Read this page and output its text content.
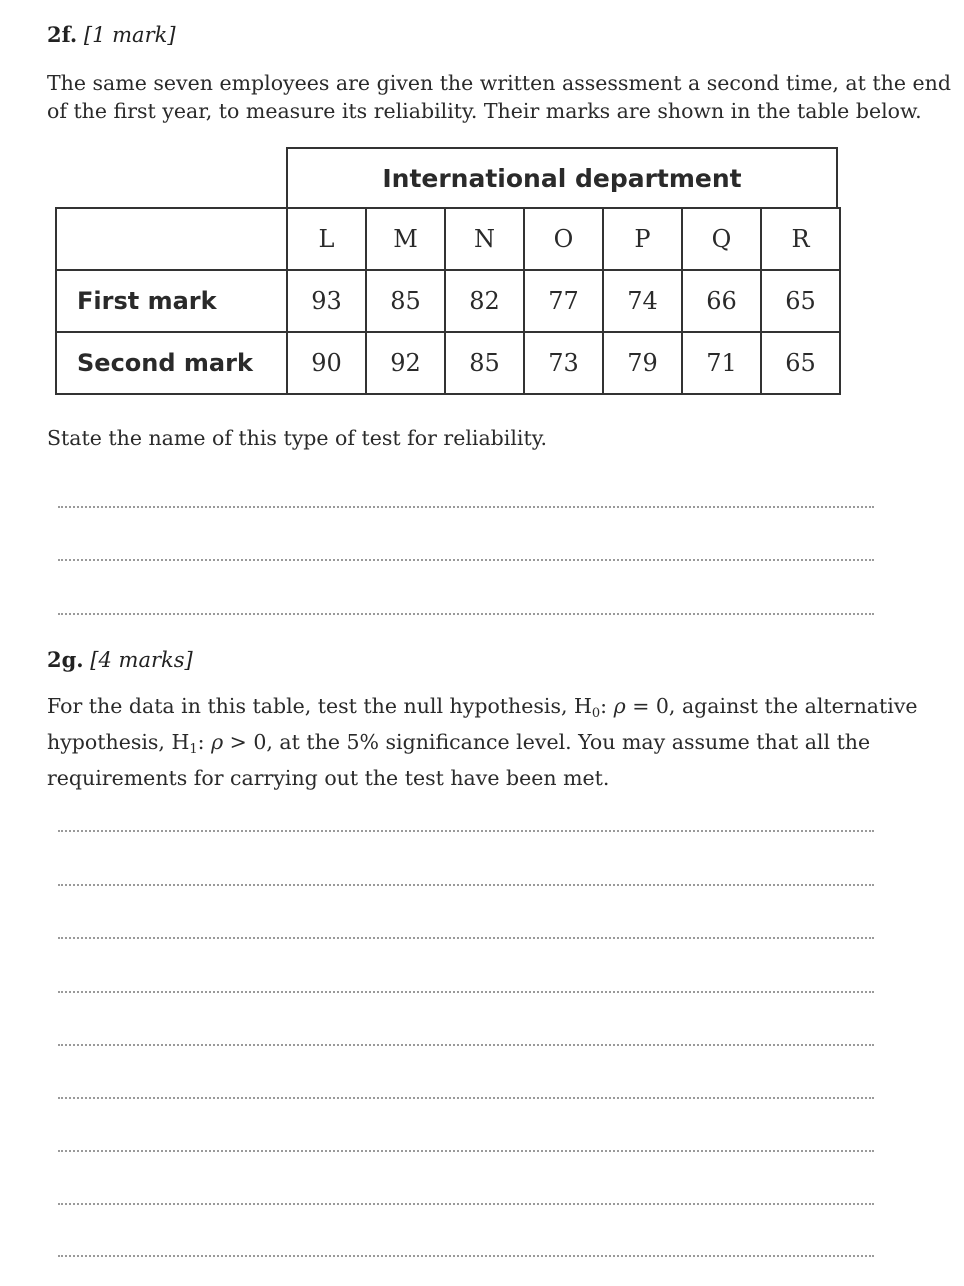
2f. [1 mark]
The same seven employees are given the written assessment a second time, at the end
of the first year, to measure its reliability. Their marks are shown in the table below.
International department
	L	M	N	O	P	Q	R
First mark	93	85	82	77	74	66	65
Second mark	90	92	85	73	79	71	65
State the name of this type of test for reliability.
2g. [4 marks]
For the data in this table, test the null hypothesis, $H_0$: ρ = 0, against the alternative
hypothesis, $H_1$: ρ > 0, at the 5% significance level. You may assume that all the
requirements for carrying out the test have been met.
